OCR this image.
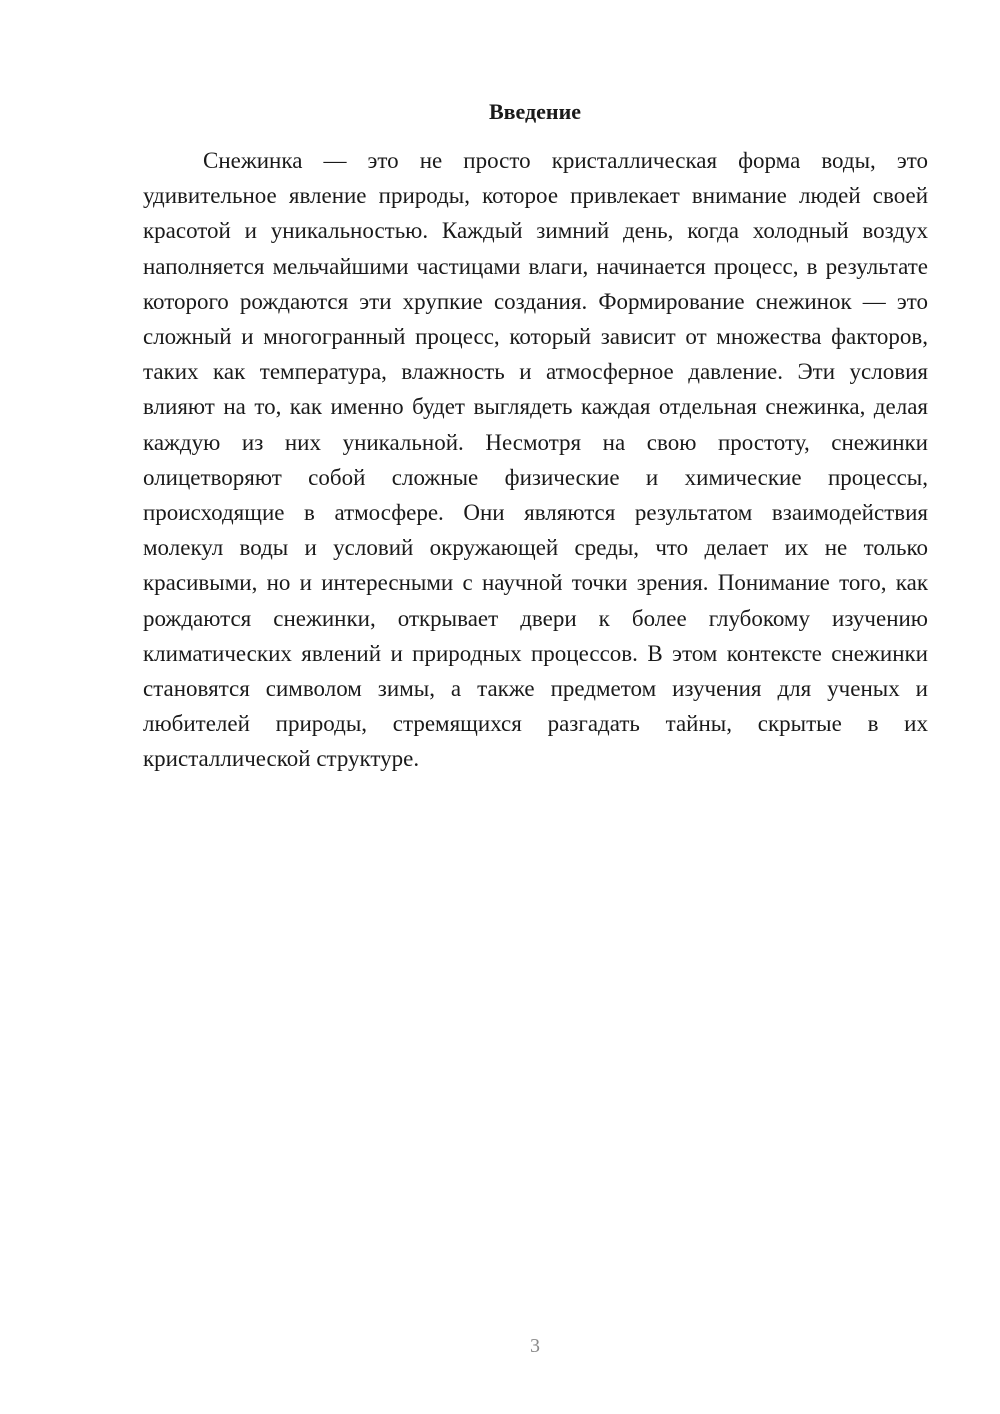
Введение

Снежинка — это не просто кристаллическая форма воды, это удивительное явление природы, которое привлекает внимание людей своей красотой и уникальностью. Каждый зимний день, когда холодный воздух наполняется мельчайшими частицами влаги, начинается процесс, в результате которого рождаются эти хрупкие создания. Формирование снежинок — это сложный и многогранный процесс, который зависит от множества факторов, таких как температура, влажность и атмосферное давление. Эти условия влияют на то, как именно будет выглядеть каждая отдельная снежинка, делая каждую из них уникальной. Несмотря на свою простоту, снежинки олицетворяют собой сложные физические и химические процессы, происходящие в атмосфере. Они являются результатом взаимодействия молекул воды и условий окружающей среды, что делает их не только красивыми, но и интересными с научной точки зрения. Понимание того, как рождаются снежинки, открывает двери к более глубокому изучению климатических явлений и природных процессов. В этом контексте снежинки становятся символом зимы, а также предметом изучения для ученых и любителей природы, стремящихся разгадать тайны, скрытые в их кристаллической структуре.

3
